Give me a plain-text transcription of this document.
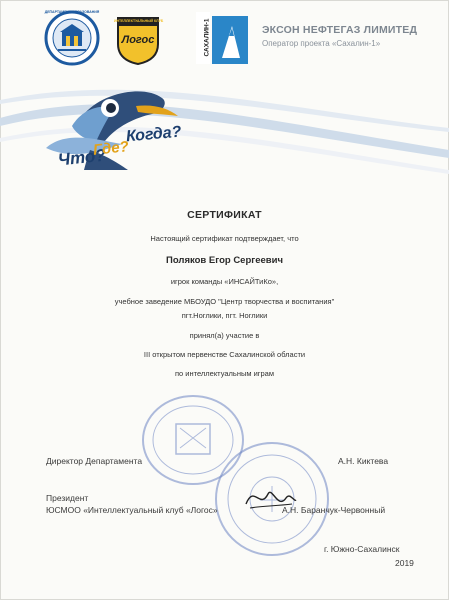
ДЕПАРТАМЕНТ ОБРАЗОВАНИЯ
ИНТЕЛЛЕКТУАЛЬНЫЙ КЛУБ
Логос	САХАЛИН-1	ЭКСОН НЕФТЕГАЗ ЛИМИТЕД
Оператор проекта «Сахалин-1»
Что?
Где?
Когда?
СЕРТИФИКАТ
Настоящий сертификат подтверждает, что
Поляков Егор Сергеевич
игрок команды «ИНСАЙТиКо»,
учебное заведение МБОУДО "Центр творчества и воспитания"
пгт.Ноглики, пгт. Ноглики
принял(а) участие в
III открытом первенстве Сахалинской области
по интеллектуальным играм
Директор Департамента	А.Н. Киктева
Президент
ЮСМОО «Интеллектуальный клуб «Логос»	А.Н. Баранчук-Червонный
г. Южно-Сахалинск
2019
